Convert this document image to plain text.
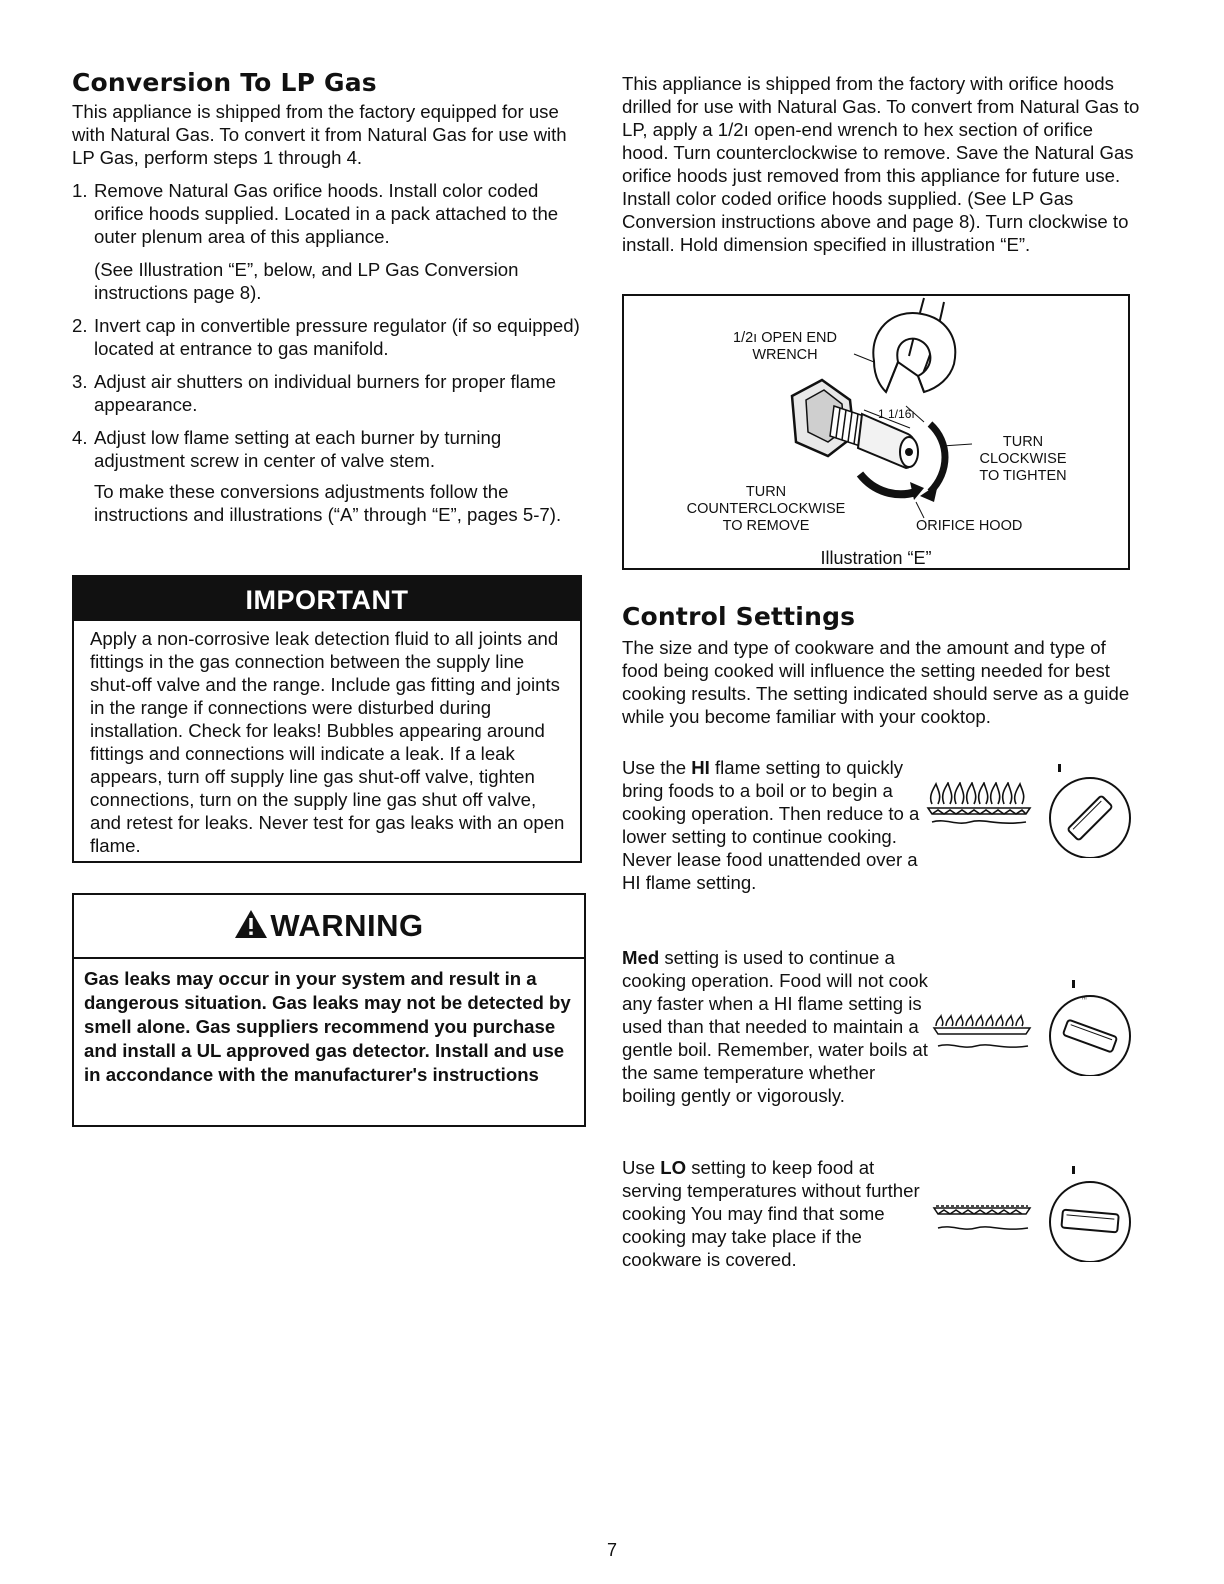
Conversion To LP Gas

This appliance is shipped from the factory equipped for use with Natural Gas. To convert it from Natural Gas for use with LP Gas, perform steps 1 through 4.

1. Remove Natural Gas orifice hoods. Install color coded orifice hoods supplied. Located in a pack attached to the outer plenum area of this appliance.
(See Illustration “E”, below, and LP Gas Conversion instructions page 8).
2. Invert cap in convertible pressure regulator (if so equipped) located at entrance to gas manifold.
3. Adjust air shutters on individual burners for proper flame appearance.
4. Adjust low flame setting at each burner by turning adjustment screw in center of valve stem.
To make these conversions adjustments follow the instructions and illustrations (“A” through “E”, pages 5-7).
IMPORTANT
Apply a non-corrosive leak detection fluid to all joints and fittings in the gas connection between the supply line shut-off valve and the range. Include gas fitting and joints in the range if connections were disturbed during installation. Check for leaks! Bubbles appearing around fittings and connections will indicate a leak. If a leak appears, turn off supply line gas shut-off valve, tighten connections, turn on the supply line gas shut off valve, and retest for leaks. Never test for gas leaks with an open flame.
WARNING
Gas leaks may occur in your system and result in a dangerous situation. Gas leaks may not be detected by smell alone. Gas suppliers recommend you purchase and install a UL approved gas detector. Install and use in accondance with the manufacturer's instructions

This appliance is shipped from the factory with orifice hoods drilled for use with Natural Gas. To convert from Natural Gas to LP, apply a 1/2ı open-end wrench to hex section of orifice hood. Turn counterclockwise to remove. Save the Natural Gas orifice hoods just removed from this appliance for future use. Install color coded orifice hoods supplied. (See LP Gas Conversion instructions above and page 8). Turn clockwise to install. Hold dimension specified in illustration “E”.

1/2ı OPEN END
WRENCH
1 1/16ı
TURN
CLOCKWISE
TO TIGHTEN
TURN
COUNTERCLOCKWISE
TO REMOVE	ORIFICE HOOD
Illustration “E”
Control Settings

The size and type of cookware and the amount and type of food being cooked will influence the setting needed for best cooking results. The setting indicated should serve as a guide while you become familiar with your cooktop.

Use the HI flame setting to quickly bring foods to a boil or to begin a cooking operation. Then reduce to a lower setting to continue cooking. Never lease food unattended over a HI flame setting.
Med setting is used to continue a cooking operation. Food will not cook any faster when a HI flame setting is used than that needed to maintain a gentle boil. Remember, water boils at the same temperature whether boiling gently or vigorously.
ᴴᴵ
Use LO setting to keep food at serving temperatures without further cooking You may find that some cooking may take place if the cookware is covered.
7
